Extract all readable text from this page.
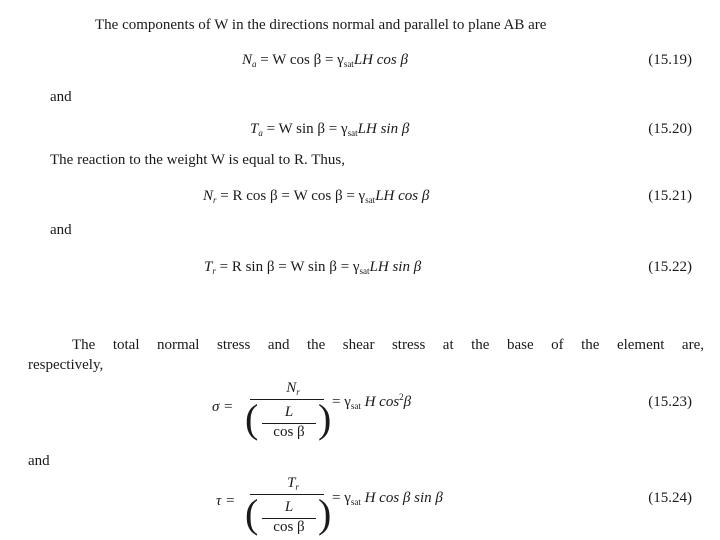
The components of W in the directions normal and parallel to plane AB are
$N_a = W$ $\cos \beta = \gamma_{sat}LH$ cos β	(15.19)
and
$T_a = W$ $\sin \beta = \gamma_{sat}LH$ sin β	(15.20)
The reaction to the weight W is equal to R. Thus,
$N_r = R$ cos β = W $\cos \beta = \gamma_{sat}LH$ cos β	(15.21)
and
$T_r = R$ sin β = W $\sin \beta = \gamma_{sat}LH$ sin β	(15.22)
The total normal stress and the shear stress at the base of the element are,
respectively,
σ =
$N_r$
( )
L
cos β
= $\gamma_{sat}$ H $\cos^2\beta$	(15.23)
and
τ =
$T_r$
( )
L
cos β
= $\gamma_{sat}$ H cos β sin β	(15.24)
